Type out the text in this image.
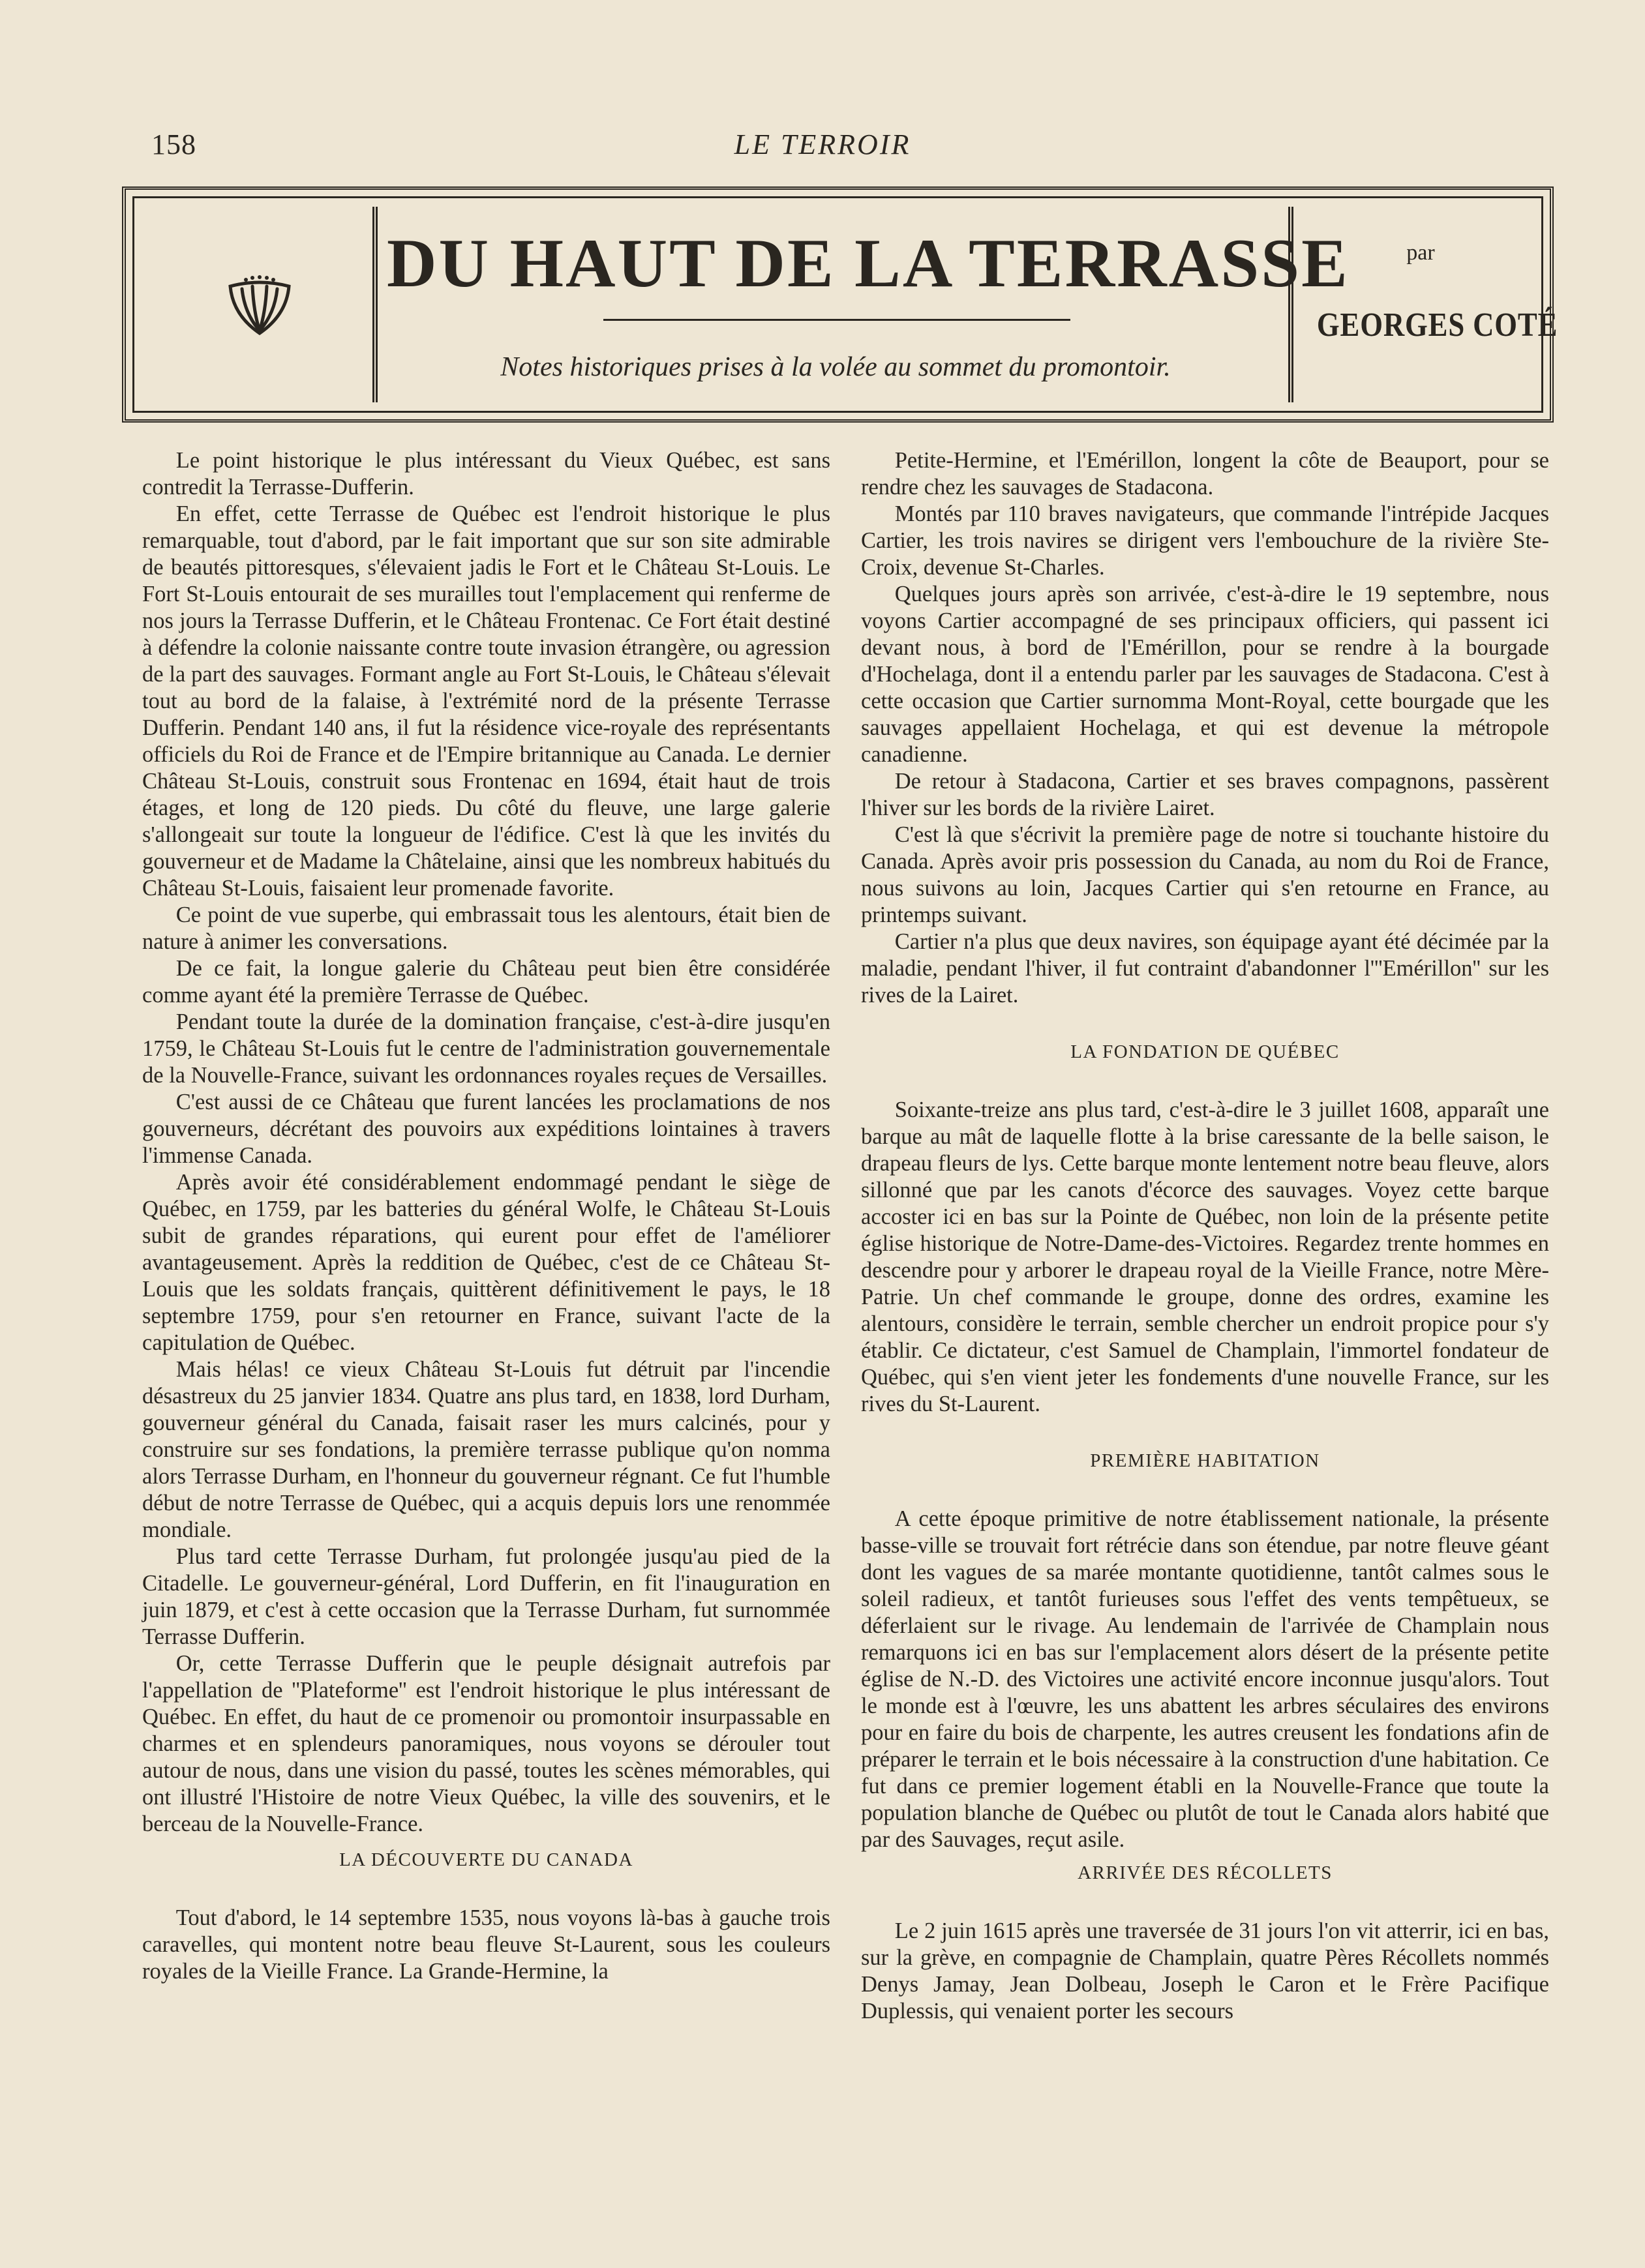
158	LE TERROIR
DU HAUT DE LA TERRASSE
Notes historiques prises à la volée au sommet du promontoir.
par
GEORGES COTÉ

Le point historique le plus intéressant du Vieux Québec, est sans contredit la Terrasse-Dufferin.

En effet, cette Terrasse de Québec est l'endroit historique le plus remarquable, tout d'abord, par le fait important que sur son site admirable de beautés pittoresques, s'élevaient jadis le Fort et le Château St-Louis. Le Fort St-Louis entourait de ses murailles tout l'emplacement qui renferme de nos jours la Terrasse Dufferin, et le Château Frontenac. Ce Fort était destiné à défendre la colonie naissante contre toute invasion étrangère, ou agression de la part des sauvages. Formant angle au Fort St-Louis, le Château s'élevait tout au bord de la falaise, à l'extrémité nord de la présente Terrasse Dufferin. Pendant 140 ans, il fut la résidence vice-royale des représentants officiels du Roi de France et de l'Empire britannique au Canada. Le dernier Château St-Louis, construit sous Frontenac en 1694, était haut de trois étages, et long de 120 pieds. Du côté du fleuve, une large galerie s'allongeait sur toute la longueur de l'édifice. C'est là que les invités du gouverneur et de Madame la Châtelaine, ainsi que les nombreux habitués du Château St-Louis, faisaient leur promenade favorite.

Ce point de vue superbe, qui embrassait tous les alentours, était bien de nature à animer les conversations.

De ce fait, la longue galerie du Château peut bien être considérée comme ayant été la première Terrasse de Québec.

Pendant toute la durée de la domination française, c'est-à-dire jusqu'en 1759, le Château St-Louis fut le centre de l'administration gouvernementale de la Nouvelle-France, suivant les ordonnances royales reçues de Versailles.

C'est aussi de ce Château que furent lancées les proclamations de nos gouverneurs, décrétant des pouvoirs aux expéditions lointaines à travers l'immense Canada.

Après avoir été considérablement endommagé pendant le siège de Québec, en 1759, par les batteries du général Wolfe, le Château St-Louis subit de grandes réparations, qui eurent pour effet de l'améliorer avantageusement. Après la reddition de Québec, c'est de ce Château St-Louis que les soldats français, quittèrent définitivement le pays, le 18 septembre 1759, pour s'en retourner en France, suivant l'acte de la capitulation de Québec.

Mais hélas! ce vieux Château St-Louis fut détruit par l'incendie désastreux du 25 janvier 1834. Quatre ans plus tard, en 1838, lord Durham, gouverneur général du Canada, faisait raser les murs calcinés, pour y construire sur ses fondations, la première terrasse publique qu'on nomma alors Terrasse Durham, en l'honneur du gouverneur régnant. Ce fut l'humble début de notre Terrasse de Québec, qui a acquis depuis lors une renommée mondiale.

Plus tard cette Terrasse Durham, fut prolongée jusqu'au pied de la Citadelle. Le gouverneur-général, Lord Dufferin, en fit l'inauguration en juin 1879, et c'est à cette occasion que la Terrasse Durham, fut surnommée Terrasse Dufferin.

Or, cette Terrasse Dufferin que le peuple désignait autrefois par l'appellation de ''Plateforme'' est l'endroit historique le plus intéressant de Québec. En effet, du haut de ce promenoir ou promontoir insurpassable en charmes et en splendeurs panoramiques, nous voyons se dérouler tout autour de nous, dans une vision du passé, toutes les scènes mémorables, qui ont illustré l'Histoire de notre Vieux Québec, la ville des souvenirs, et le berceau de la Nouvelle-France.

LA DÉCOUVERTE DU CANADA

Tout d'abord, le 14 septembre 1535, nous voyons là-bas à gauche trois caravelles, qui montent notre beau fleuve St-Laurent, sous les couleurs royales de la Vieille France. La Grande-Hermine, la

Petite-Hermine, et l'Emérillon, longent la côte de Beauport, pour se rendre chez les sauvages de Stadacona.

Montés par 110 braves navigateurs, que commande l'intrépide Jacques Cartier, les trois navires se dirigent vers l'embouchure de la rivière Ste-Croix, devenue St-Charles.

Quelques jours après son arrivée, c'est-à-dire le 19 septembre, nous voyons Cartier accompagné de ses principaux officiers, qui passent ici devant nous, à bord de l'Emérillon, pour se rendre à la bourgade d'Hochelaga, dont il a entendu parler par les sauvages de Stadacona. C'est à cette occasion que Cartier surnomma Mont-Royal, cette bourgade que les sauvages appellaient Hochelaga, et qui est devenue la métropole canadienne.

De retour à Stadacona, Cartier et ses braves compagnons, passèrent l'hiver sur les bords de la rivière Lairet.

C'est là que s'écrivit la première page de notre si touchante histoire du Canada. Après avoir pris possession du Canada, au nom du Roi de France, nous suivons au loin, Jacques Cartier qui s'en retourne en France, au printemps suivant.

Cartier n'a plus que deux navires, son équipage ayant été décimée par la maladie, pendant l'hiver, il fut contraint d'abandonner l'''Emérillon'' sur les rives de la Lairet.

LA FONDATION DE QUÉBEC

Soixante-treize ans plus tard, c'est-à-dire le 3 juillet 1608, apparaît une barque au mât de laquelle flotte à la brise caressante de la belle saison, le drapeau fleurs de lys. Cette barque monte lentement notre beau fleuve, alors sillonné que par les canots d'écorce des sauvages. Voyez cette barque accoster ici en bas sur la Pointe de Québec, non loin de la présente petite église historique de Notre-Dame-des-Victoires. Regardez trente hommes en descendre pour y arborer le drapeau royal de la Vieille France, notre Mère-Patrie. Un chef commande le groupe, donne des ordres, examine les alentours, considère le terrain, semble chercher un endroit propice pour s'y établir. Ce dictateur, c'est Samuel de Champlain, l'immortel fondateur de Québec, qui s'en vient jeter les fondements d'une nouvelle France, sur les rives du St-Laurent.

PREMIÈRE HABITATION

A cette époque primitive de notre établissement nationale, la présente basse-ville se trouvait fort rétrécie dans son étendue, par notre fleuve géant dont les vagues de sa marée montante quotidienne, tantôt calmes sous le soleil radieux, et tantôt furieuses sous l'effet des vents tempêtueux, se déferlaient sur le rivage. Au lendemain de l'arrivée de Champlain nous remarquons ici en bas sur l'emplacement alors désert de la présente petite église de N.-D. des Victoires une activité encore inconnue jusqu'alors. Tout le monde est à l'œuvre, les uns abattent les arbres séculaires des environs pour en faire du bois de charpente, les autres creusent les fondations afin de préparer le terrain et le bois nécessaire à la construction d'une habitation. Ce fut dans ce premier logement établi en la Nouvelle-France que toute la population blanche de Québec ou plutôt de tout le Canada alors habité que par des Sauvages, reçut asile.

ARRIVÉE DES RÉCOLLETS

Le 2 juin 1615 après une traversée de 31 jours l'on vit atterrir, ici en bas, sur la grève, en compagnie de Champlain, quatre Pères Récollets nommés Denys Jamay, Jean Dolbeau, Joseph le Caron et le Frère Pacifique Duplessis, qui venaient porter les secours
